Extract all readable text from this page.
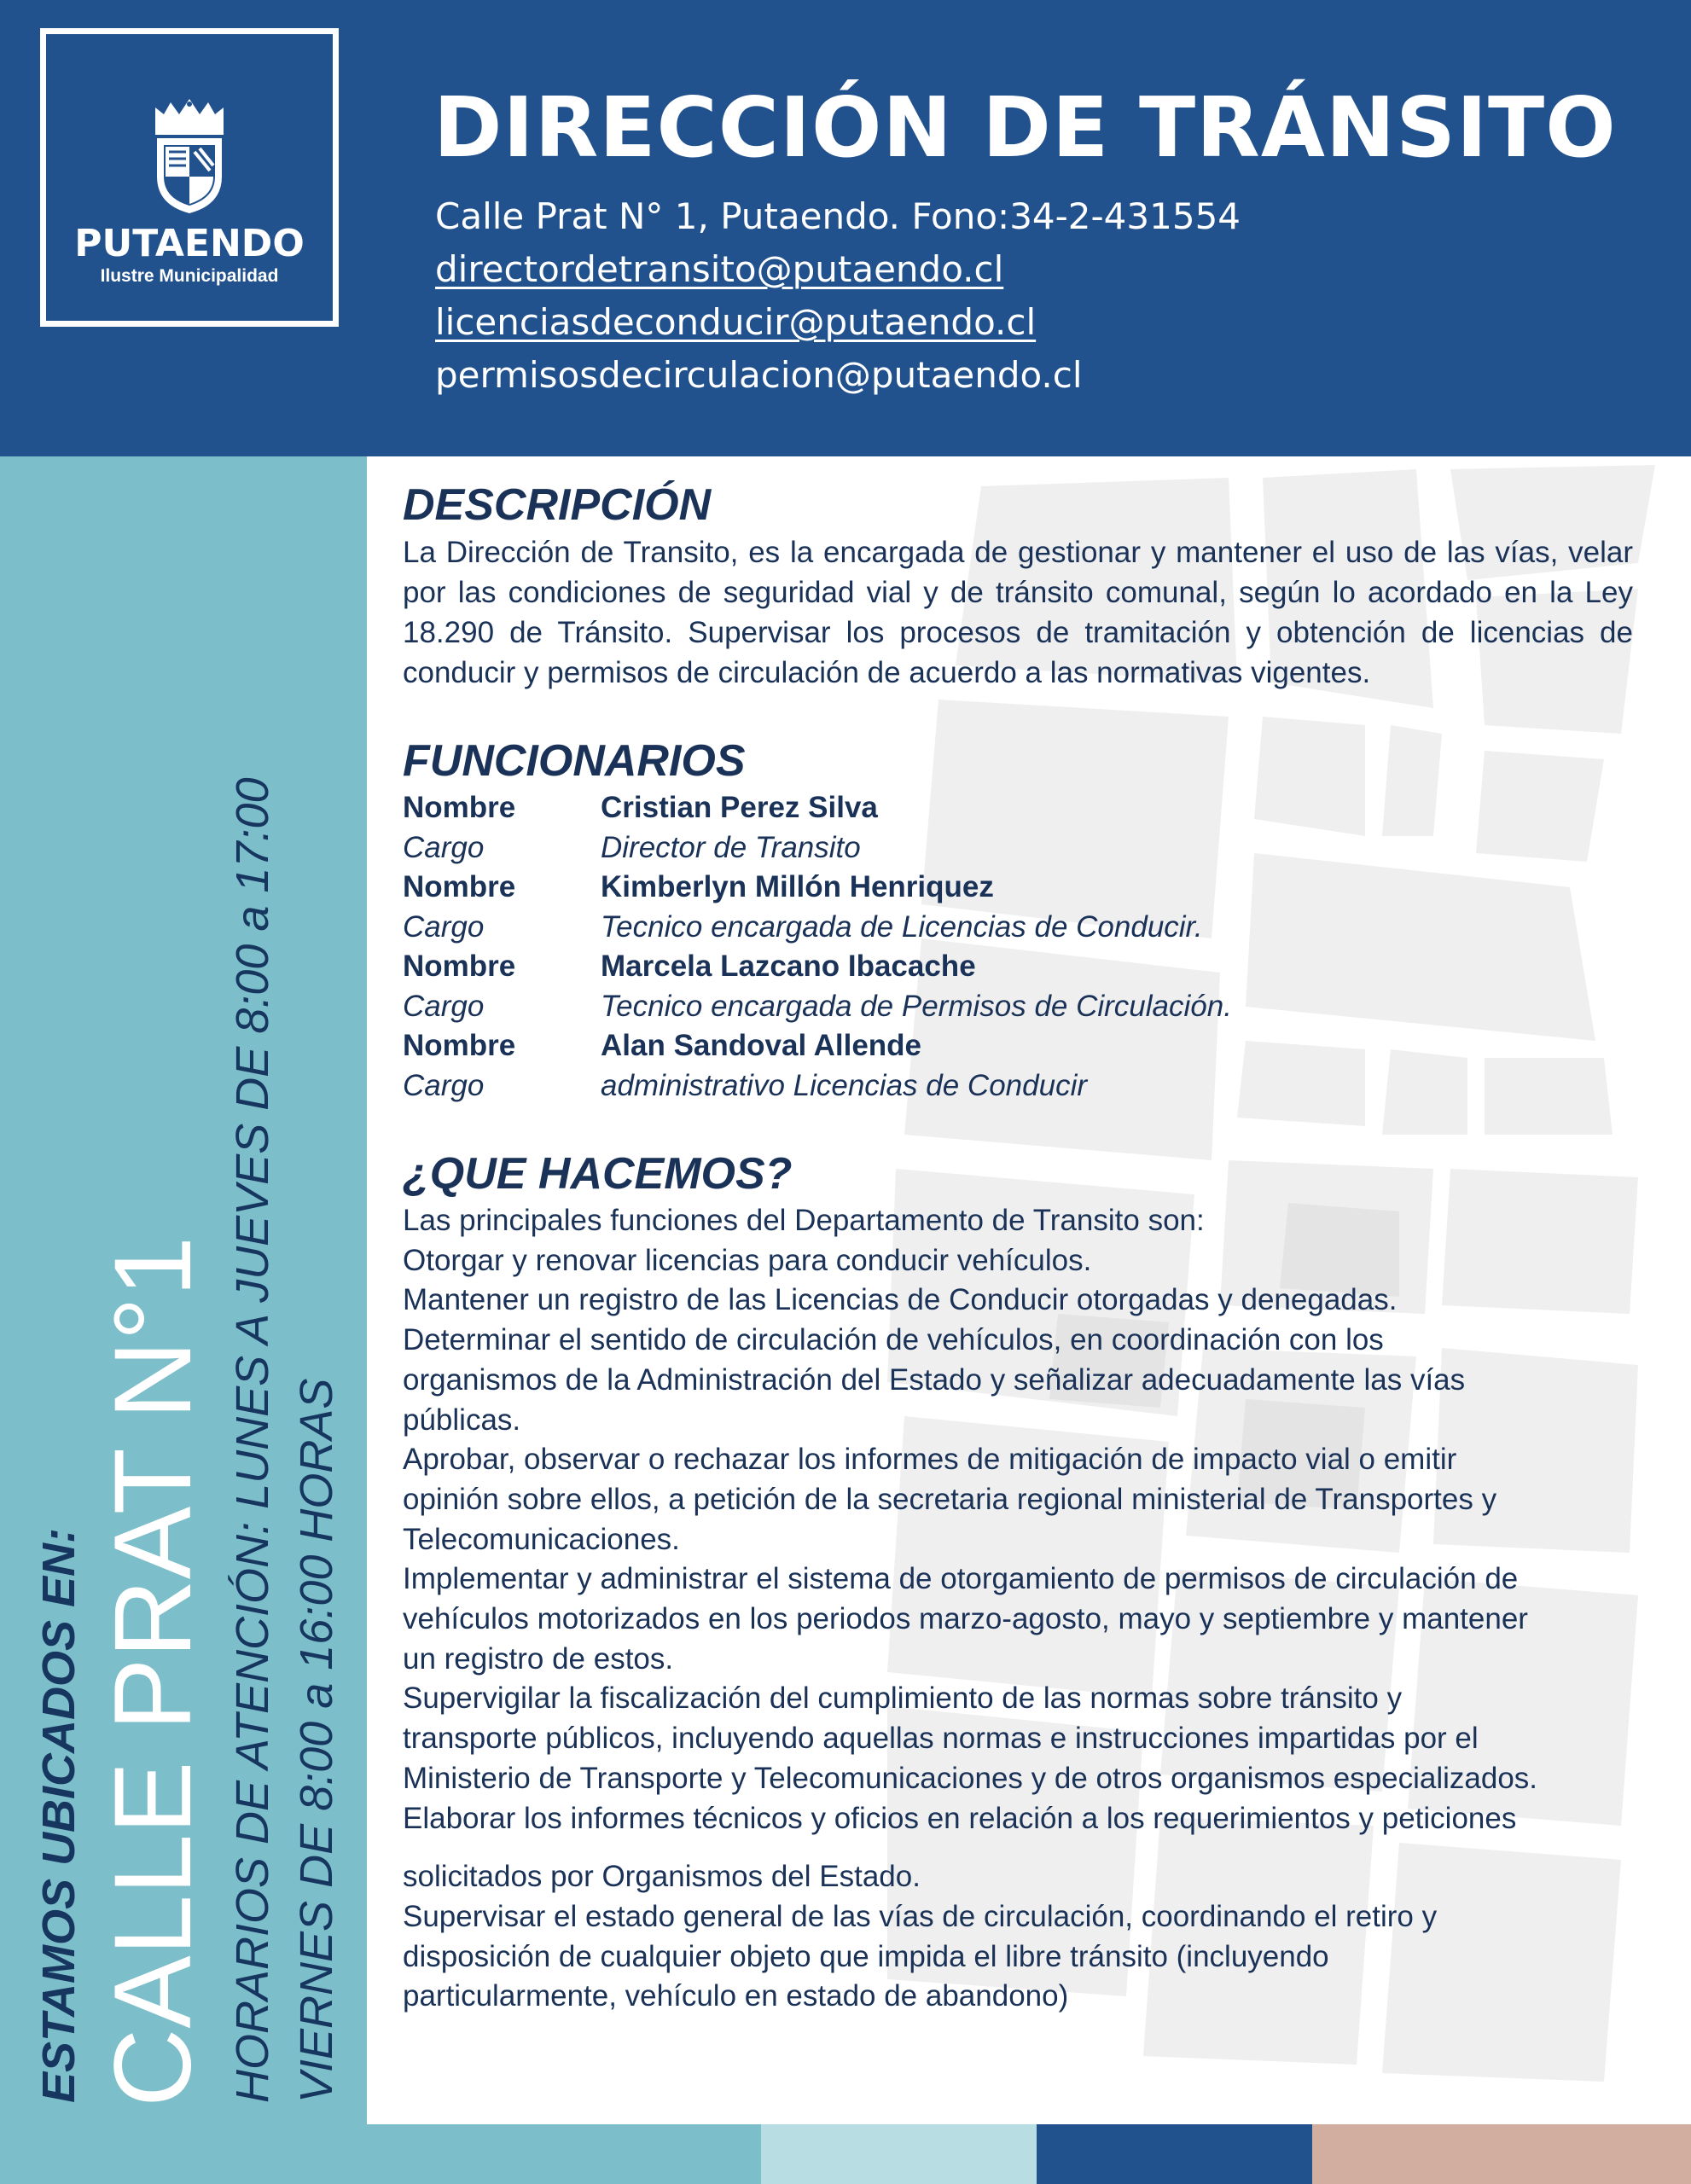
PUTAENDO
Ilustre Municipalidad
DIRECCIÓN DE TRÁNSITO
Calle Prat N° 1, Putaendo. Fono:34-2-431554
directordetransito@putaendo.cl
licenciasdeconducir@putaendo.cl
permisosdecirculacion@putaendo.cl
ESTAMOS UBICADOS EN: CALLE PRAT N°1 HORARIOS DE ATENCIÓN: LUNES A JUEVES DE 8:00 a 17:00 VIERNES DE 8:00 a 16:00 HORAS
DESCRIPCIÓN

La Dirección de Transito, es la encargada de gestionar y mantener el uso de las vías, velar por las condiciones de seguridad vial y de tránsito comunal, según lo acordado en la Ley 18.290 de Tránsito. Supervisar los procesos de tramitación y obtención de licencias de conducir y permisos de circulación de acuerdo a las normativas vigentes.

FUNCIONARIOS
Nombre	Cristian Perez Silva
Cargo	Director de Transito
Nombre	Kimberlyn Millón Henriquez
Cargo	Tecnico encargada de Licencias de Conducir.
Nombre	Marcela Lazcano Ibacache
Cargo	Tecnico encargada de Permisos de Circulación.
Nombre	Alan Sandoval Allende
Cargo	administrativo Licencias de Conducir
¿QUE HACEMOS?

Las principales funciones del Departamento de Transito son:

Otorgar y renovar licencias para conducir vehículos.

Mantener un registro de las Licencias de Conducir otorgadas y denegadas.

Determinar el sentido de circulación de vehículos, en coordinación con los

organismos de la Administración del Estado y señalizar adecuadamente las vías

públicas.

Aprobar, observar o rechazar los informes de mitigación de impacto vial o emitir

opinión sobre ellos, a petición de la secretaria regional ministerial de Transportes y

Telecomunicaciones.

Implementar y administrar el sistema de otorgamiento de permisos de circulación de

vehículos motorizados en los periodos marzo-agosto, mayo y septiembre y mantener

un registro de estos.

Supervigilar la fiscalización del cumplimiento de las normas sobre tránsito y

transporte públicos, incluyendo aquellas normas e instrucciones impartidas por el

Ministerio de Transporte y Telecomunicaciones y de otros organismos especializados.

Elaborar los informes técnicos y oficios en relación a los requerimientos y peticiones

solicitados por Organismos del Estado.

Supervisar el estado general de las vías de circulación, coordinando el retiro y

disposición de cualquier objeto que impida el libre tránsito (incluyendo

particularmente, vehículo en estado de abandono)
